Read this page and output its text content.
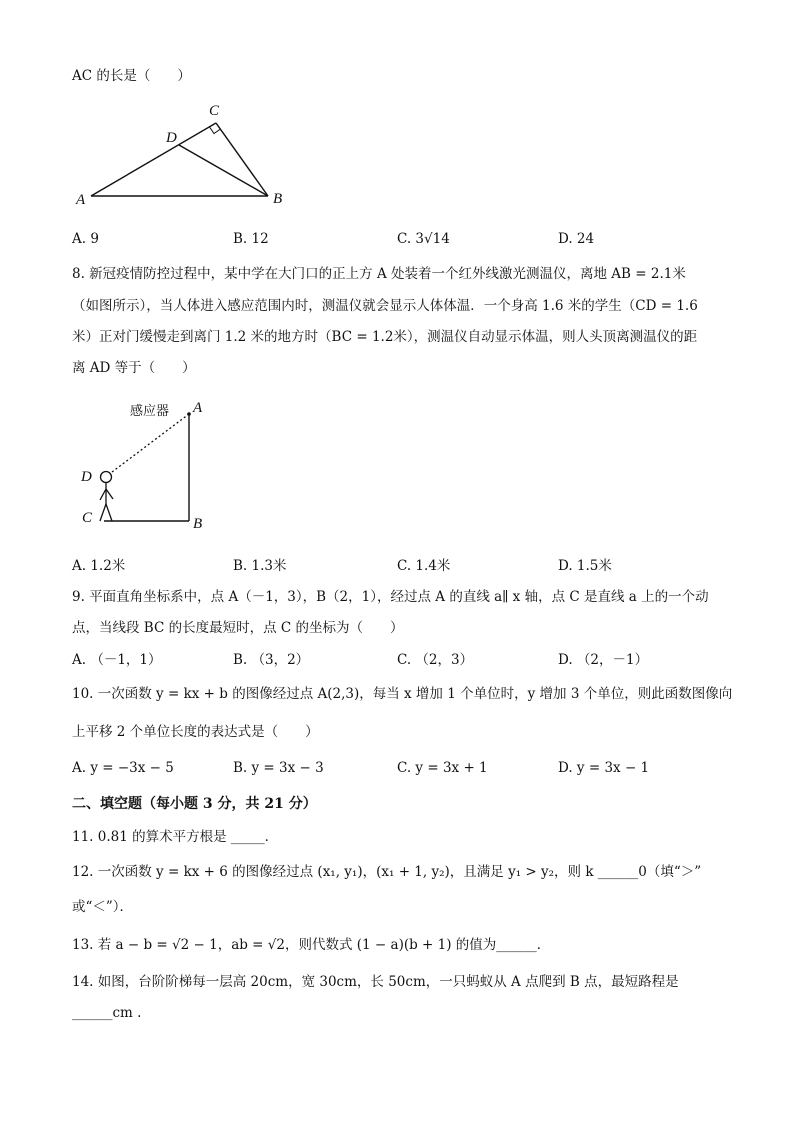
AC 的长是（　　）
A	B
C
D
A. 9	B. 12	C. 3√14	D. 24
8. 新冠疫情防控过程中，某中学在大门口的正上方 A 处装着一个红外线激光测温仪，离地 AB = 2.1米
（如图所示），当人体进入感应范围内时，测温仪就会显示人体体温．一个身高 1.6 米的学生（CD = 1.6
米）正对门缓慢走到离门 1.2 米的地方时（BC = 1.2米），测温仪自动显示体温，则人头顶离测温仪的距
离 AD 等于（　　）
感应器 A
B
C
D
A. 1.2米	B. 1.3米	C. 1.4米	D. 1.5米
9. 平面直角坐标系中，点 A（－1，3），B（2，1），经过点 A 的直线 a∥ x 轴，点 C 是直线 a 上的一个动
点，当线段 BC 的长度最短时，点 C 的坐标为（　　）
A. （－1，1）	B. （3，2）	C. （2，3）	D. （2，－1）
10. 一次函数 y = kx + b 的图像经过点 A(2,3)，每当 x 增加 1 个单位时，y 增加 3 个单位，则此函数图像向
上平移 2 个单位长度的表达式是（　　）
A. y = −3x − 5	B. y = 3x − 3	C. y = 3x + 1	D. y = 3x − 1
二、填空题（每小题 3 分，共 21 分）
11. 0.81 的算术平方根是 _____．
12. 一次函数 y = kx + 6 的图像经过点 (x₁, y₁)，(x₁ + 1, y₂)，且满足 y₁ > y₂，则 k ______0（填“＞”
或“＜”）．
13. 若 a − b = √2 − 1，ab = √2，则代数式 (1 − a)(b + 1) 的值为______．
14. 如图，台阶阶梯每一层高 20cm，宽 30cm，长 50cm，一只蚂蚁从 A 点爬到 B 点，最短路程是
______cm .
